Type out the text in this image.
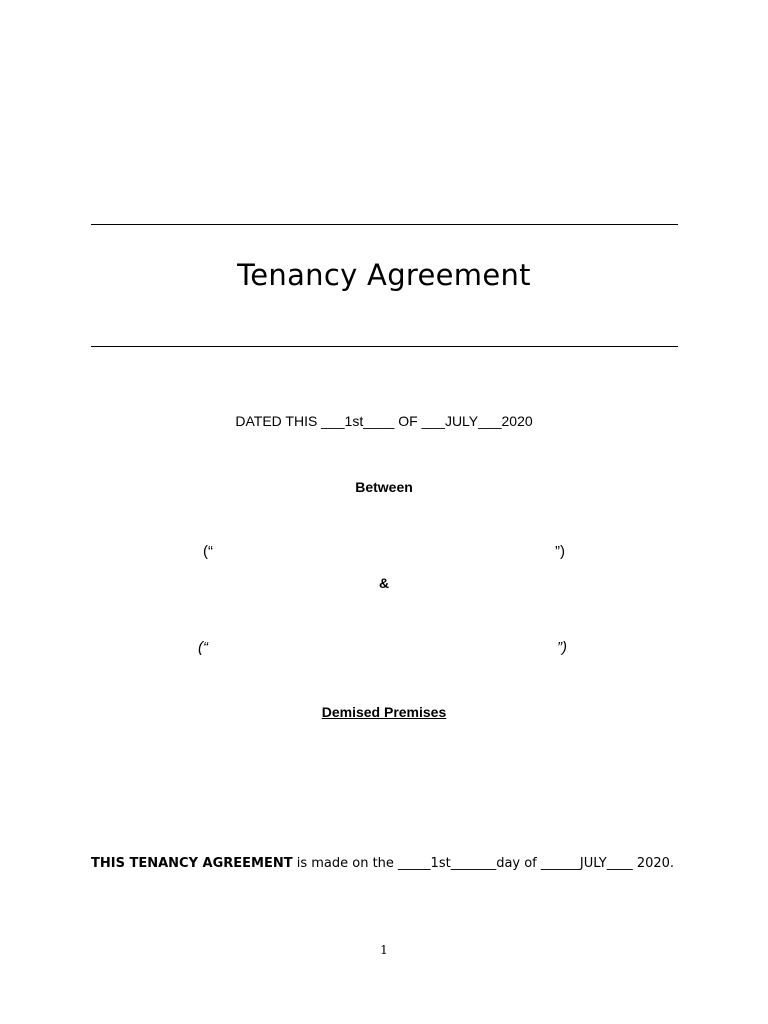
Tenancy Agreement
DATED THIS ___1st____ OF ___JULY___2020
Between
(“	”)
&
(“	”)
Demised Premises
THIS TENANCY AGREEMENT is made on the _____1st_______day of ______JULY____ 2020.
1
